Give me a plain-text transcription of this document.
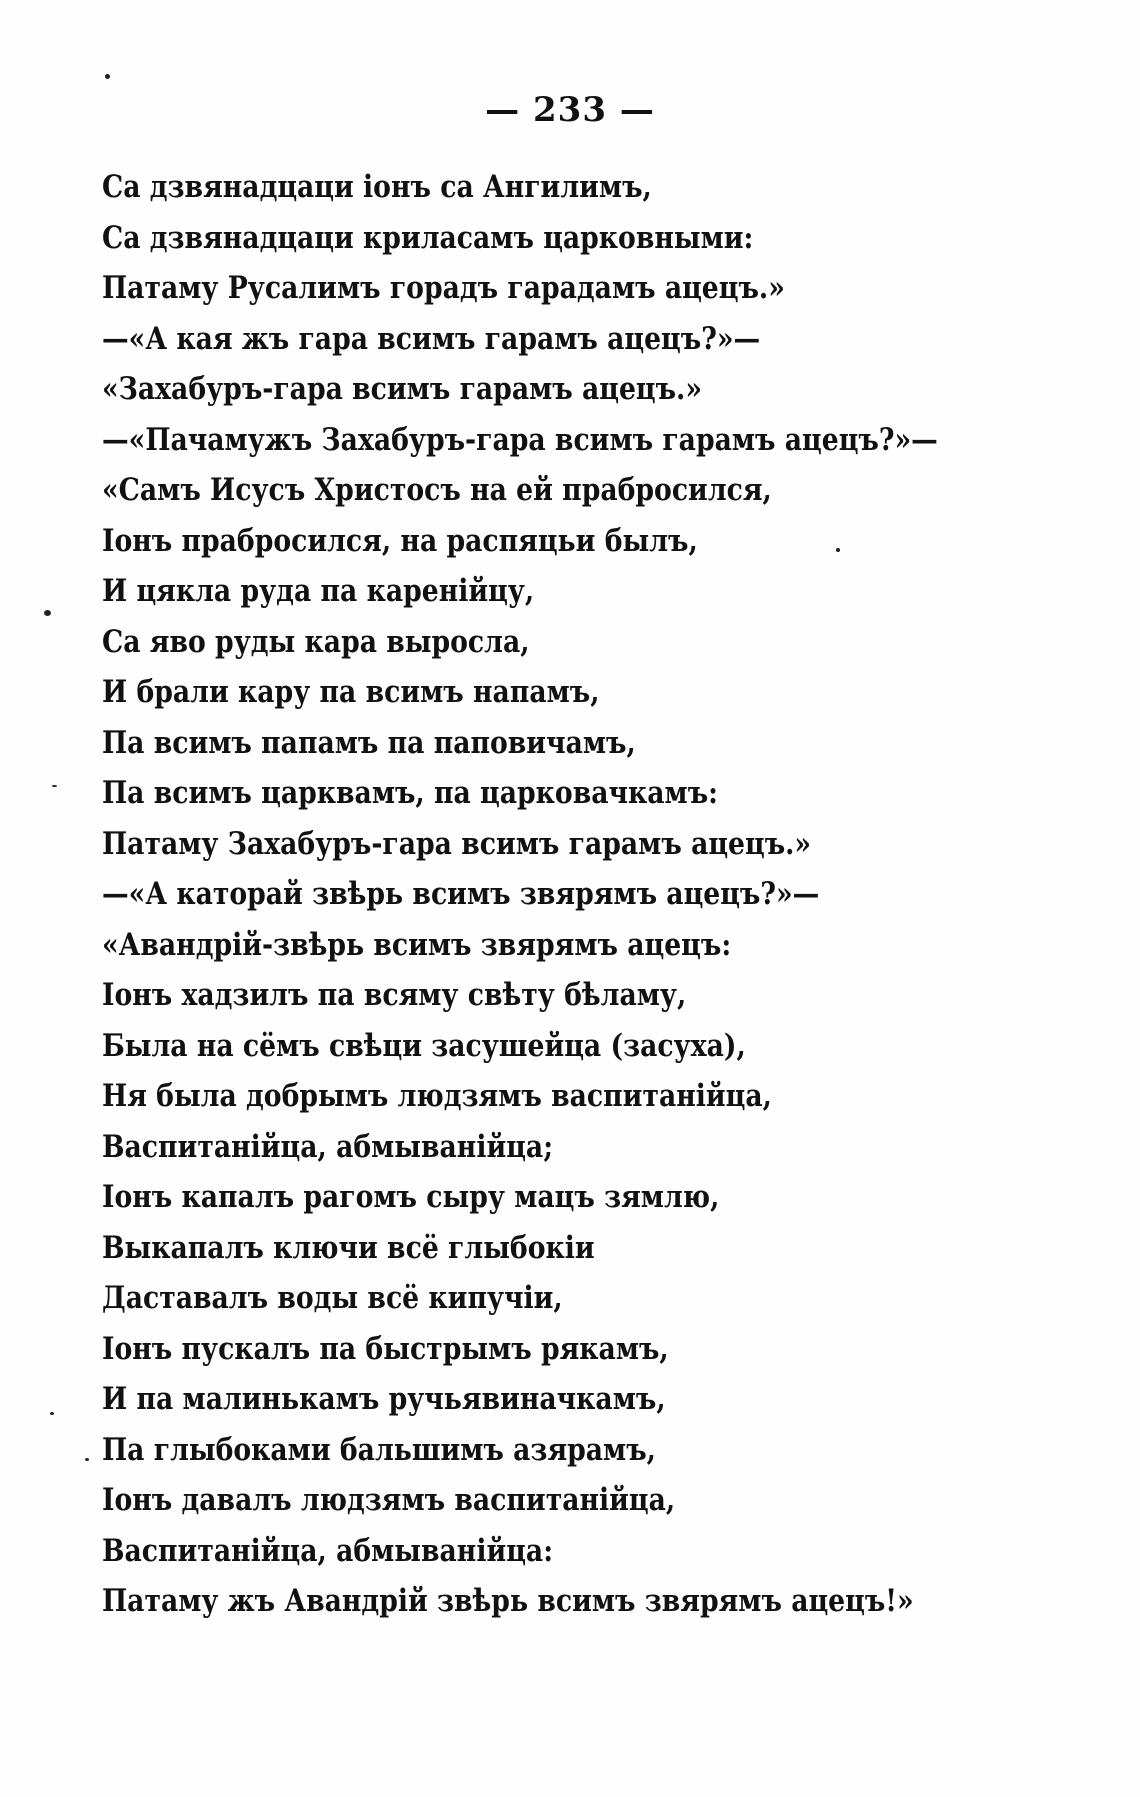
— 233 —
Са дзвянадцаци iонъ са Ангилимъ,
Са дзвянадцаци криласамъ царковными:
Патаму Русалимъ горадъ гарадамъ ацецъ.»
—«А кая жъ гара всимъ гарамъ ацецъ?»—
«Захабуръ-гара всимъ гарамъ ацецъ.»
—«Пачамужъ Захабуръ-гара всимъ гарамъ ацецъ?»—
«Самъ Исусъ Христосъ на ей прабросился,
Iонъ прабросился, на распяцьи былъ,
И цякла руда па каренiйцу,
Са яво руды кара выросла,
И брали кару па всимъ напамъ,
Па всимъ папамъ па паповичамъ,
Па всимъ царквамъ, па царковачкамъ:
Патаму Захабуръ-гара всимъ гарамъ ацецъ.»
—«А каторай звѣрь всимъ звярямъ ацецъ?»—
«Авандрiй-звѣрь всимъ звярямъ ацецъ:
Iонъ хадзилъ па всяму свѣту бѣламу,
Была на сёмъ свѣци засушейца (засуха),
Ня была добрымъ людзямъ васпитанiйца,
Васпитанiйца, абмыванiйца;
Iонъ капалъ рагомъ сыру мацъ зямлю,
Выкапалъ ключи всё глыбокiи
Даставалъ воды всё кипучiи,
Iонъ пускалъ па быстрымъ рякамъ,
И па малинькамъ ручьявиначкамъ,
Па глыбоками бальшимъ азярамъ,
Iонъ давалъ людзямъ васпитанiйца,
Васпитанiйца, абмыванiйца:
Патаму жъ Авандрiй звѣрь всимъ звярямъ ацецъ!»
